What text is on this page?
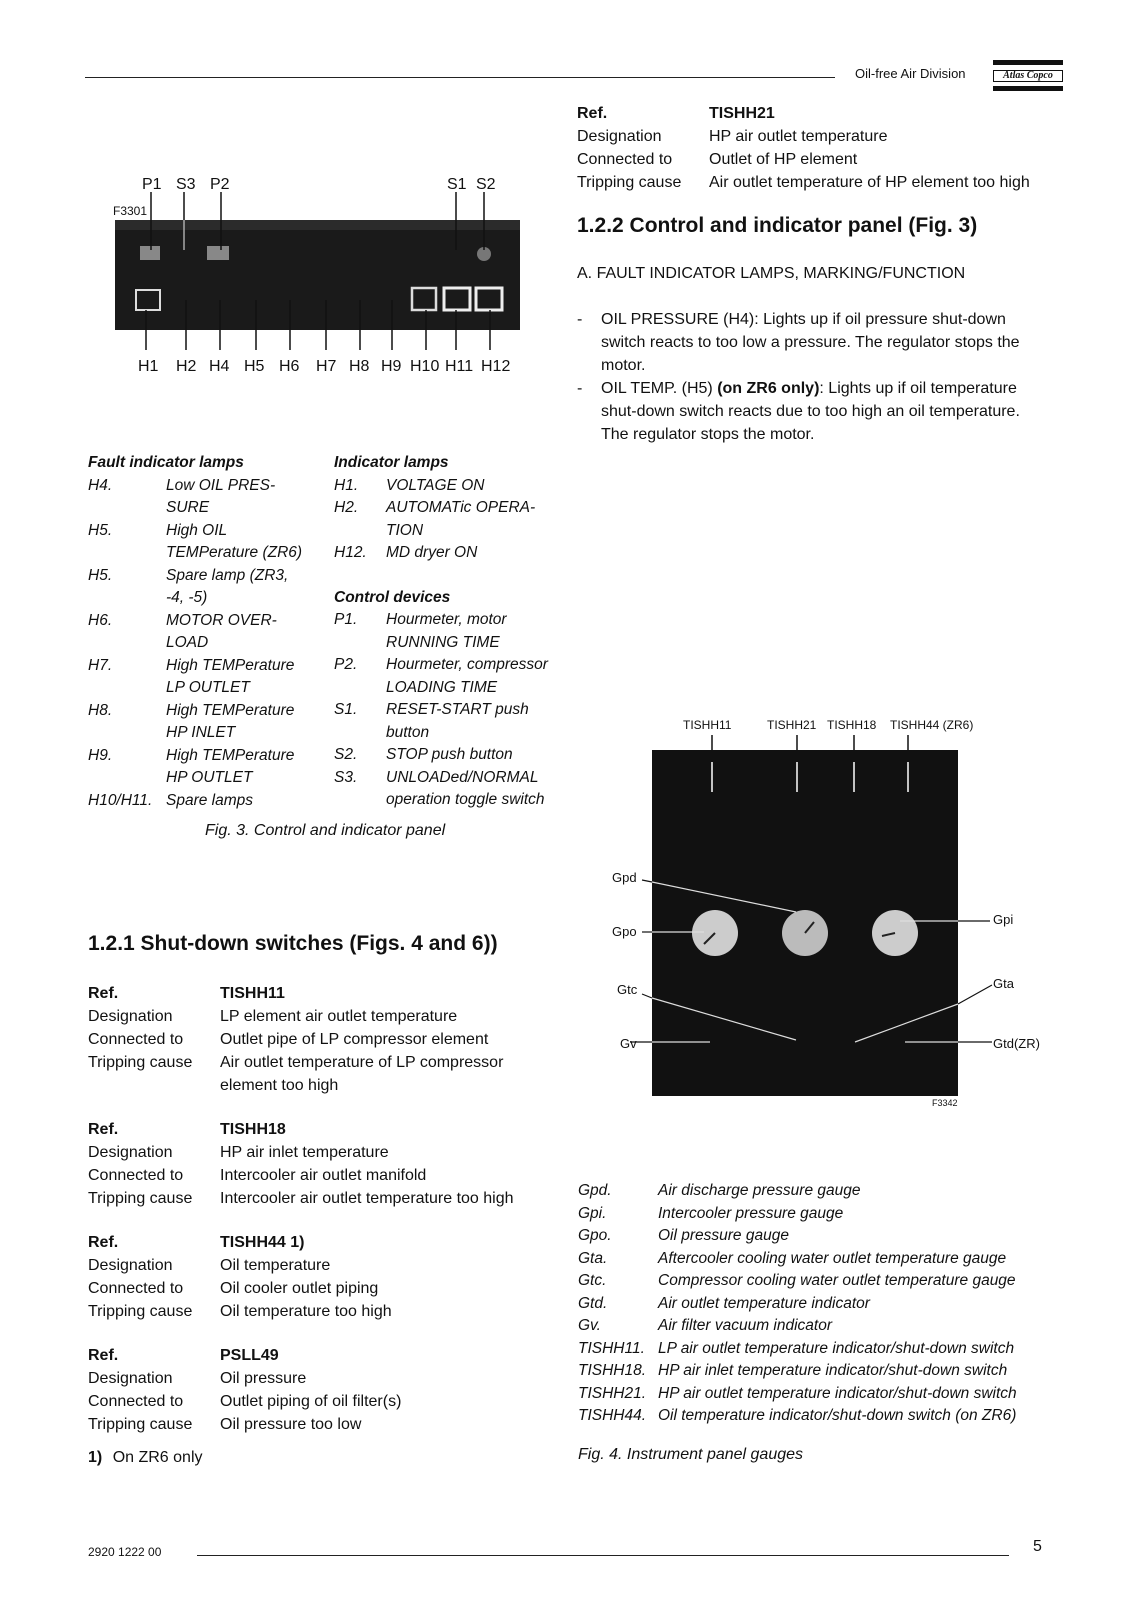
Oil-free Air Division	Atlas Copco
F3301
P1 S3 P2	S1 S2
H1 H2 H4 H5 H6 H7 H8 H9 H10 H11 H12
Fault indicator lamps
H4.	Low OIL PRES-
SURE
H5.	High OIL
TEMPerature (ZR6)
H5.	Spare lamp (ZR3,
-4, -5)
H6.	MOTOR OVER-
LOAD
H7.	High TEMPerature
LP OUTLET
H8.	High TEMPerature
HP INLET
H9.	High TEMPerature
HP OUTLET
H10/H11. Spare lamps
Indicator lamps
H1.	VOLTAGE ON
H2.	AUTOMATic OPERA-
TION
H12.	MD dryer ON
Control devices
P1.	Hourmeter, motor
RUNNING TIME
P2.	Hourmeter, compressor
LOADING TIME
S1.	RESET-START push
button
S2.	STOP push button
S3.	UNLOADed/NORMAL
operation toggle switch
Fig. 3. Control and indicator panel
1.2.1 Shut-down switches (Figs. 4 and 6))
Ref.	TISHH11
Designation	LP element air outlet temperature
Connected to	Outlet pipe of LP compressor element
Tripping cause	Air outlet temperature of LP compressor
element too high
Ref.	TISHH18
Designation	HP air inlet temperature
Connected to	Intercooler air outlet manifold
Tripping cause	Intercooler air outlet temperature too high
Ref.	TISHH44 1)
Designation	Oil temperature
Connected to	Oil cooler outlet piping
Tripping cause	Oil temperature too high
Ref.	PSLL49
Designation	Oil pressure
Connected to	Outlet piping of oil filter(s)
Tripping cause	Oil pressure too low
1) On ZR6 only
Ref.	TISHH21
Designation	HP air outlet temperature
Connected to	Outlet of HP element
Tripping cause	Air outlet temperature of HP element too high
1.2.2 Control and indicator panel (Fig. 3)
A. FAULT INDICATOR LAMPS, MARKING/FUNCTION
-	OIL PRESSURE (H4): Lights up if oil pressure shut-down
switch reacts to too low a pressure. The regulator stops the
motor.
-	OIL TEMP. (H5) (on ZR6 only): Lights up if oil temperature
shut-down switch reacts due to too high an oil temperature.
The regulator stops the motor.
TISHH11	TISHH21 TISHH18 TISHH44 (ZR6)
Gpd
Gpo
Gtc
Gv
Gpi
Gta
Gtd(ZR)
F3342
Gpd.	Air discharge pressure gauge
Gpi.	Intercooler pressure gauge
Gpo.	Oil pressure gauge
Gta.	Aftercooler cooling water outlet temperature gauge
Gtc.	Compressor cooling water outlet temperature gauge
Gtd.	Air outlet temperature indicator
Gv.	Air filter vacuum indicator
TISHH11. LP air outlet temperature indicator/shut-down switch
TISHH18. HP air inlet temperature indicator/shut-down switch
TISHH21. HP air outlet temperature indicator/shut-down switch
TISHH44. Oil temperature indicator/shut-down switch (on ZR6)
Fig. 4. Instrument panel gauges
2920 1222 00	5
